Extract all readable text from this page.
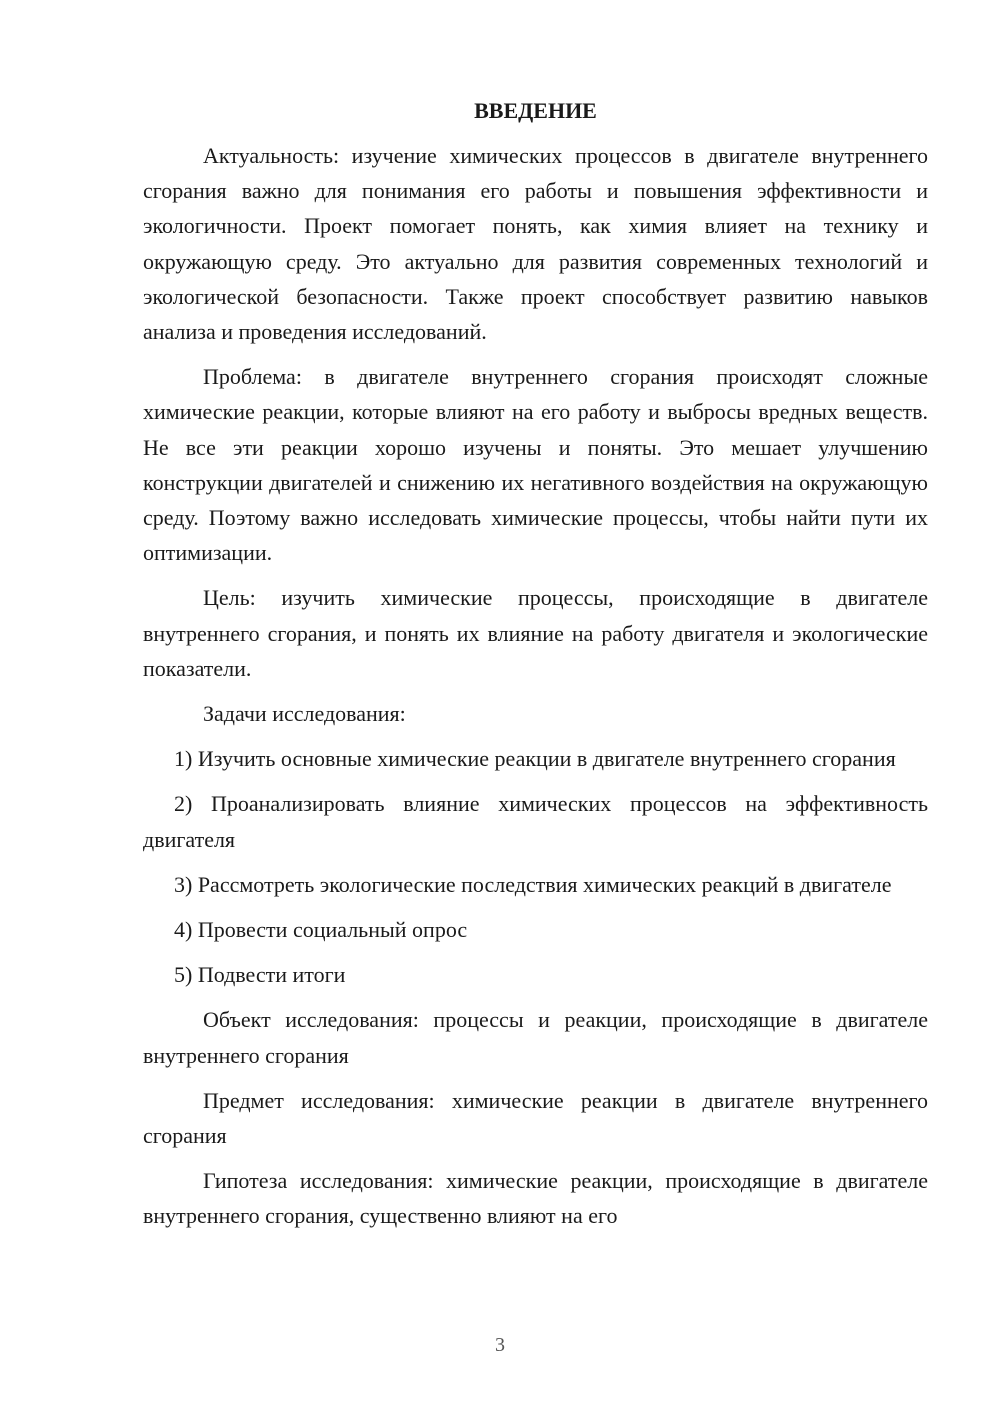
ВВЕДЕНИЕ

Актуальность: изучение химических процессов в двигателе внутреннего сгорания важно для понимания его работы и повышения эффективности и экологичности. Проект помогает понять, как химия влияет на технику и окружающую среду. Это актуально для развития современных технологий и экологической безопасности. Также проект способствует развитию навыков анализа и проведения исследований.

Проблема: в двигателе внутреннего сгорания происходят сложные химические реакции, которые влияют на его работу и выбросы вредных веществ. Не все эти реакции хорошо изучены и поняты. Это мешает улучшению конструкции двигателей и снижению их негативного воздействия на окружающую среду. Поэтому важно исследовать химические процессы, чтобы найти пути их оптимизации.

Цель: изучить химические процессы, происходящие в двигателе внутреннего сгорания, и понять их влияние на работу двигателя и экологические показатели.

Задачи исследования:

1) Изучить основные химические реакции в двигателе внутреннего сгорания

2) Проанализировать влияние химических процессов на эффективность двигателя

3) Рассмотреть экологические последствия химических реакций в двигателе

4) Провести социальный опрос

5) Подвести итоги

Объект исследования: процессы и реакции, происходящие в двигателе внутреннего сгорания

Предмет исследования: химические реакции в двигателе внутреннего сгорания

Гипотеза исследования: химические реакции, происходящие в двигателе внутреннего сгорания, существенно влияют на его

3
